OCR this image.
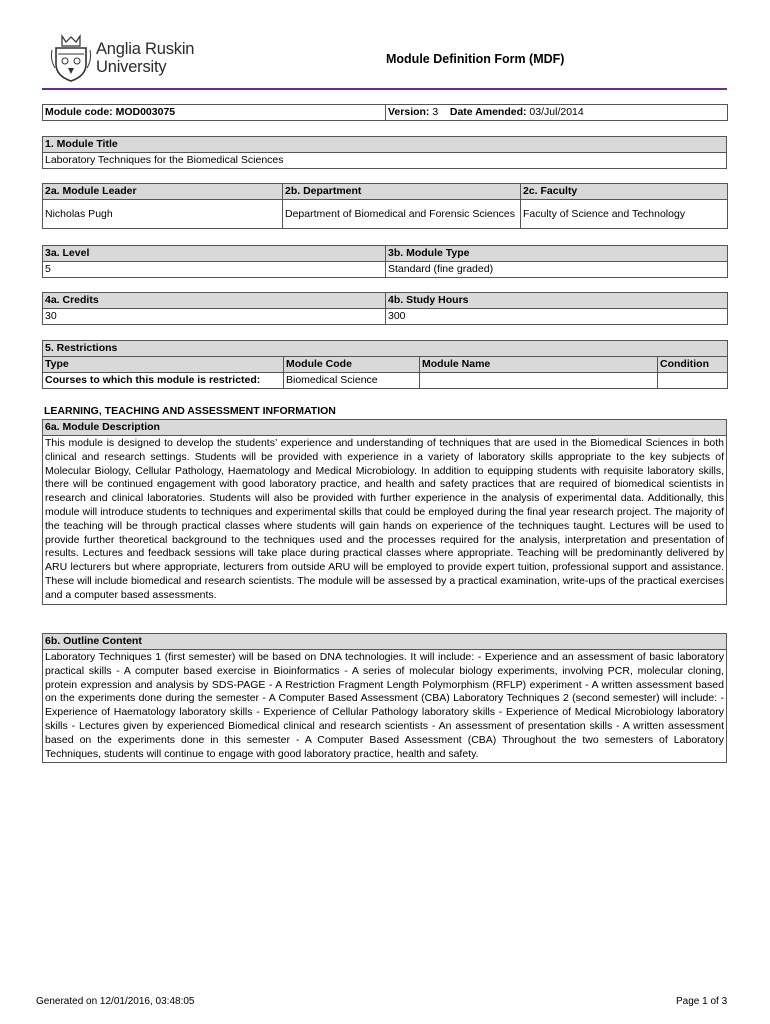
Anglia Ruskin
University	Module Definition Form (MDF)
Module code: MOD003075	Version: 3 Date Amended: 03/Jul/2014
1. Module Title
Laboratory Techniques for the Biomedical Sciences
2a. Module Leader	2b. Department	2c. Faculty
Nicholas Pugh	Department of Biomedical and Forensic Sciences	Faculty of Science and Technology
3a. Level	3b. Module Type
5	Standard (fine graded)
4a. Credits	4b. Study Hours
30	300
5. Restrictions			
Type	Module Code	Module Name	Condition
Courses to which this module is restricted:	Biomedical Science		
LEARNING, TEACHING AND ASSESSMENT INFORMATION
6a. Module Description
This module is designed to develop the students’ experience and understanding of techniques that are used in the Biomedical Sciences in both clinical and research settings. Students will be provided with experience in a variety of laboratory skills appropriate to the key subjects of Molecular Biology, Cellular Pathology, Haematology and Medical Microbiology. In addition to equipping students with requisite laboratory skills, there will be continued engagement with good laboratory practice, and health and safety practices that are required of biomedical scientists in research and clinical laboratories. Students will also be provided with further experience in the analysis of experimental data. Additionally, this module will introduce students to techniques and experimental skills that could be employed during the final year research project. The majority of the teaching will be through practical classes where students will gain hands on experience of the techniques taught. Lectures will be used to provide further theoretical background to the techniques used and the processes required for the analysis, interpretation and presentation of results. Lectures and feedback sessions will take place during practical classes where appropriate. Teaching will be predominantly delivered by ARU lecturers but where appropriate, lecturers from outside ARU will be employed to provide expert tuition, professional support and assistance. These will include biomedical and research scientists. The module will be assessed by a practical examination, write-ups of the practical exercises and a computer based assessments.
6b. Outline Content
Laboratory Techniques 1 (first semester) will be based on DNA technologies. It will include: - Experience and an assessment of basic laboratory practical skills - A computer based exercise in Bioinformatics - A series of molecular biology experiments, involving PCR, molecular cloning, protein expression and analysis by SDS-PAGE - A Restriction Fragment Length Polymorphism (RFLP) experiment - A written assessment based on the experiments done during the semester - A Computer Based Assessment (CBA) Laboratory Techniques 2 (second semester) will include: - Experience of Haematology laboratory skills - Experience of Cellular Pathology laboratory skills - Experience of Medical Microbiology laboratory skills - Lectures given by experienced Biomedical clinical and research scientists - An assessment of presentation skills - A written assessment based on the experiments done in this semester - A Computer Based Assessment (CBA) Throughout the two semesters of Laboratory Techniques, students will continue to engage with good laboratory practice, health and safety.
Generated on 12/01/2016, 03:48:05	Page 1 of 3
